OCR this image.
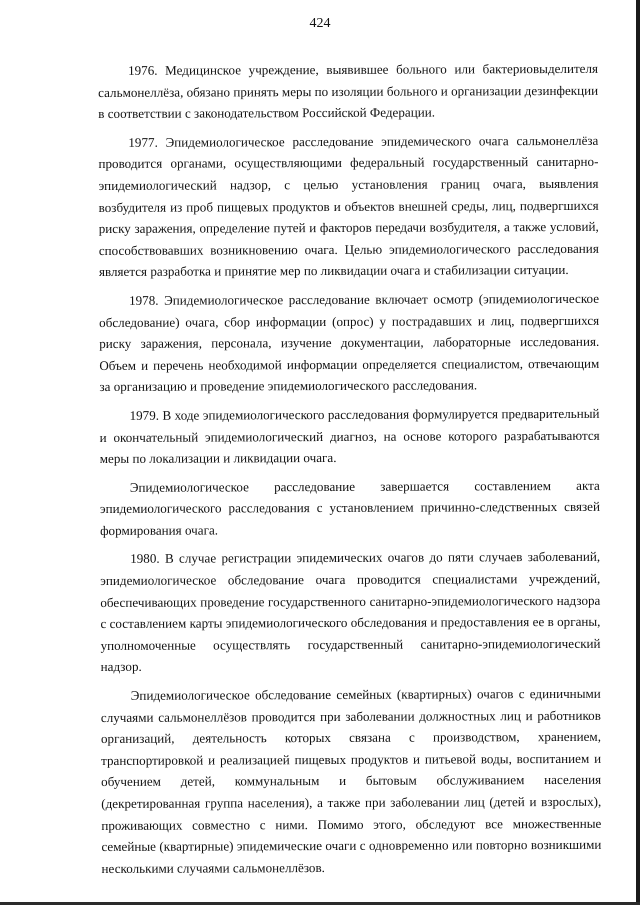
424

1976. Медицинское учреждение, выявившее больного или бактериовыделителя сальмонеллёза, обязано принять меры по изоляции больного и организации дезинфекции в соответствии с законодательством Российской Федерации.

1977. Эпидемиологическое расследование эпидемического очага сальмонеллёза проводится органами, осуществляющими федеральный государственный санитарно-эпидемиологический надзор, с целью установления границ очага, выявления возбудителя из проб пищевых продуктов и объектов внешней среды, лиц, подвергшихся риску заражения, определение путей и факторов передачи возбудителя, а также условий, способствовавших возникновению очага. Целью эпидемиологического расследования является разработка и принятие мер по ликвидации очага и стабилизации ситуации.

1978. Эпидемиологическое расследование включает осмотр (эпидемиологическое обследование) очага, сбор информации (опрос) у пострадавших и лиц, подвергшихся риску заражения, персонала, изучение документации, лабораторные исследования. Объем и перечень необходимой информации определяется специалистом, отвечающим за организацию и проведение эпидемиологического расследования.

1979. В ходе эпидемиологического расследования формулируется предварительный и окончательный эпидемиологический диагноз, на основе которого разрабатываются меры по локализации и ликвидации очага.

Эпидемиологическое расследование завершается составлением акта эпидемиологического расследования с установлением причинно-следственных связей формирования очага.

1980. В случае регистрации эпидемических очагов до пяти случаев заболеваний, эпидемиологическое обследование очага проводится специалистами учреждений, обеспечивающих проведение государственного санитарно-эпидемиологического надзора с составлением карты эпидемиологического обследования и предоставления ее в органы, уполномоченные осуществлять государственный санитарно-эпидемиологический надзор.

Эпидемиологическое обследование семейных (квартирных) очагов с единичными случаями сальмонеллёзов проводится при заболевании должностных лиц и работников организаций, деятельность которых связана с производством, хранением, транспортировкой и реализацией пищевых продуктов и питьевой воды, воспитанием и обучением детей, коммунальным и бытовым обслуживанием населения (декретированная группа населения), а также при заболевании лиц (детей и взрослых), проживающих совместно с ними. Помимо этого, обследуют все множественные семейные (квартирные) эпидемические очаги с одновременно или повторно возникшими несколькими случаями сальмонеллёзов.
